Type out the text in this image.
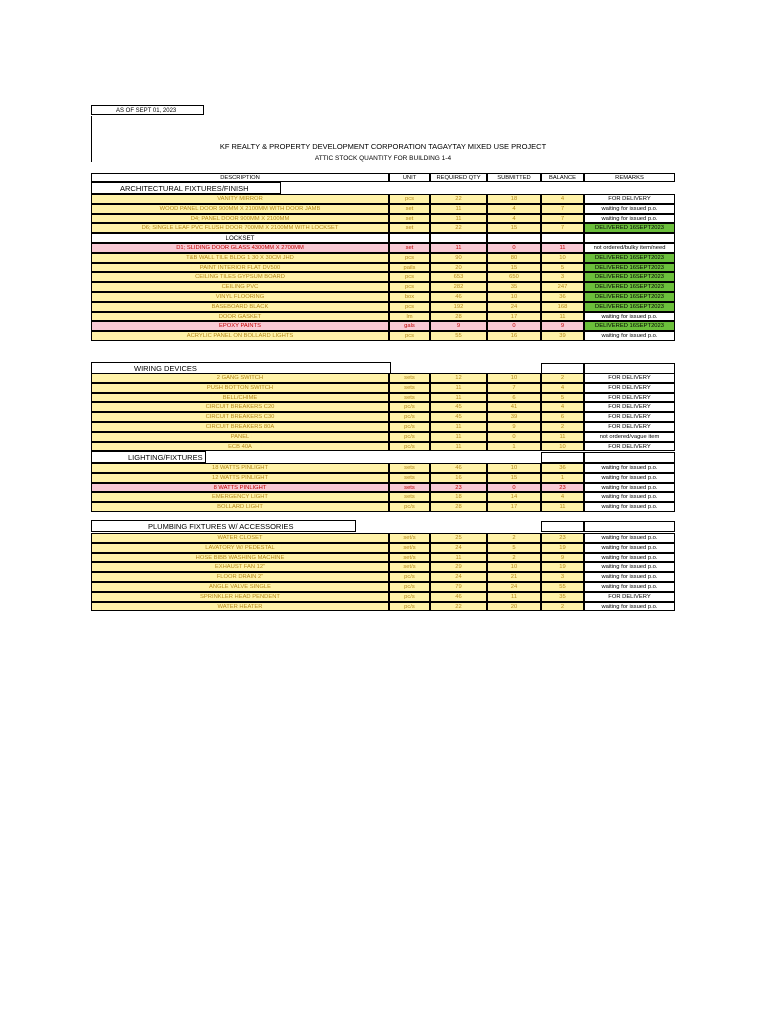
AS OF SEPT 01, 2023
KF REALTY & PROPERTY DEVELOPMENT CORPORATION TAGAYTAY MIXED USE PROJECT
ATTIC STOCK QUANTITY FOR BUILDING 1-4
DESCRIPTION	UNIT	REQUIRED QTY	SUBMITTED	BALANCE	REMARKS
ARCHITECTURAL FIXTURES/FINISH
VANITY MIRROR	pcs	22	18	4	FOR DELIVERY
WOOD PANEL DOOR 900MM X 2100MM WITH DOOR JAMB	set	11	4	7	waiting for issued p.o.
D4; PANEL DOOR 900MM X 2100MM	set	11	4	7	waiting for issued p.o.
D6; SINGLE LEAF PVC FLUSH DOOR 700MM X 2100MM WITH LOCKSET	set	22	15	7	DELIVERED 16SEPT2023
LOCKSET
D1; SLIDING DOOR GLASS 4300MM X 2700MM	set	11	0	11	not ordered/bulky item/need
T&B WALL TILE BLDG 1 30 X 30CM JHD	pcs	90	80	10	DELIVERED 16SEPT2023
PAINT INTERIOR FLAT DV500	pails	20	15	5	DELIVERED 16SEPT2023
CEILING TILES GYPSUM BOARD	pcs	653	650	3	DELIVERED 16SEPT2023
CEILING PVC	pcs	282	35	247	DELIVERED 16SEPT2023
VINYL FLOORING	box	46	10	36	DELIVERED 16SEPT2023
BASEBOARD BLACK	pcs	192	24	168	DELIVERED 16SEPT2023
DOOR GASKET	lm	28	17	11	waiting for issued p.o.
EPOXY PAINTS	gals	9	0	9	DELIVERED 16SEPT2023
ACRYLIC PANEL ON BOLLARD LIGHTS	pcs	55	16	39	waiting for issued p.o.
WIRING DEVICES
2 GANG SWITCH	sets	12	10	2	FOR DELIVERY
PUSH BOTTON SWITCH	sets	11	7	4	FOR DELIVERY
BELL/CHIME	sets	11	6	5	FOR DELIVERY
CIRCUIT BREAKERS C20	pc/s	45	41	4	FOR DELIVERY
CIRCUIT BREAKERS C30	pc/s	45	39	6	FOR DELIVERY
CIRCUIT BREAKERS 80A	pc/s	11	9	2	FOR DELIVERY
PANEL	pc/s	11	0	11	not ordered/vague item
ECB 40A	pc/s	11	1	10	FOR DELIVERY
LIGHTING/FIXTURES
18 WATTS PINLIGHT	sets	46	10	36	waiting for issued p.o.
12 WATTS PINLIGHT	sets	16	15	1	waiting for issued p.o.
8 WATTS PINLIGHT	sets	23	0	23	waiting for issued p.o.
EMERGENCY LIGHT	sets	18	14	4	waiting for issued p.o.
BOLLARD LIGHT	pc/s	28	17	11	waiting for issued p.o.
PLUMBING FIXTURES W/ ACCESSORIES
WATER CLOSET	set/s	25	2	23	waiting for issued p.o.
LAVATORY W/ PEDESTAL	set/s	24	5	19	waiting for issued p.o.
HOSE BIBB WASHING MACHINE	set/s	11	2	9	waiting for issued p.o.
EXHAUST FAN 12"	set/s	29	10	19	waiting for issued p.o.
FLOOR DRAIN 2"	pc/s	24	21	3	waiting for issued p.o.
ANGLE VALVE SINGLE	pc/s	79	24	55	waiting for issued p.o.
SPRINKLER HEAD PENDENT	pc/s	46	11	35	FOR DELIVERY
WATER HEATER	pc/s	22	20	2	waiting for issued p.o.
